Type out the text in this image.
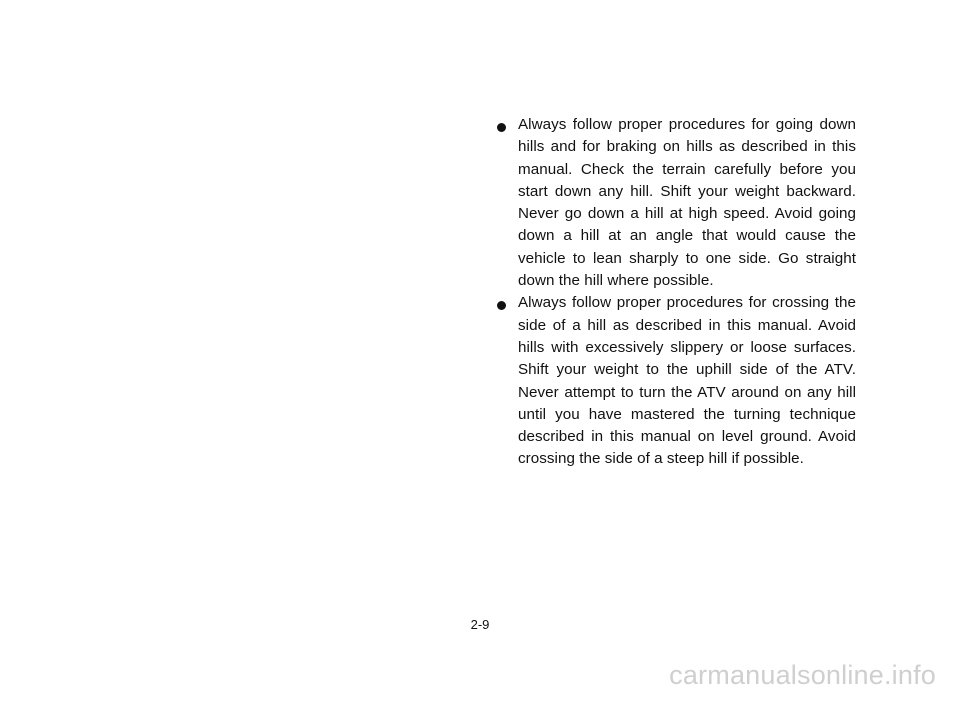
Always follow proper procedures for going down hills and for braking on hills as described in this manual. Check the terrain carefully before you start down any hill. Shift your weight backward. Never go down a hill at high speed. Avoid going down a hill at an angle that would cause the vehicle to lean sharply to one side. Go straight down the hill where possible.
Always follow proper procedures for crossing the side of a hill as described in this manual. Avoid hills with excessively slippery or loose surfaces. Shift your weight to the uphill side of the ATV. Never attempt to turn the ATV around on any hill until you have mastered the turning technique described in this manual on level ground. Avoid crossing the side of a steep hill if possible.
2-9
carmanualsonline.info
